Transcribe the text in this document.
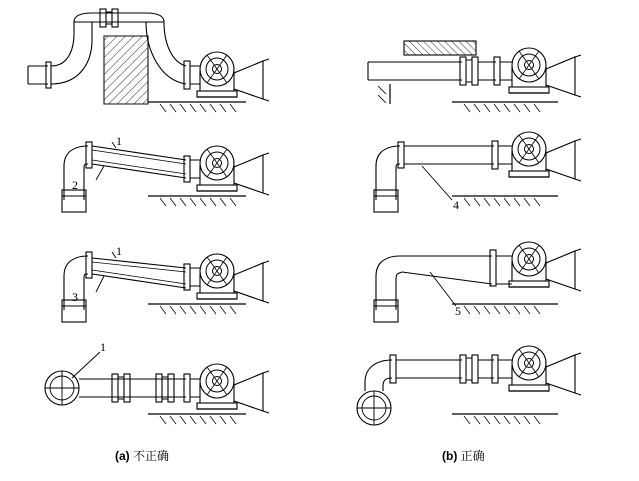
1
2
1
3
1
4
5
(a) 不正确	(b) 正确
